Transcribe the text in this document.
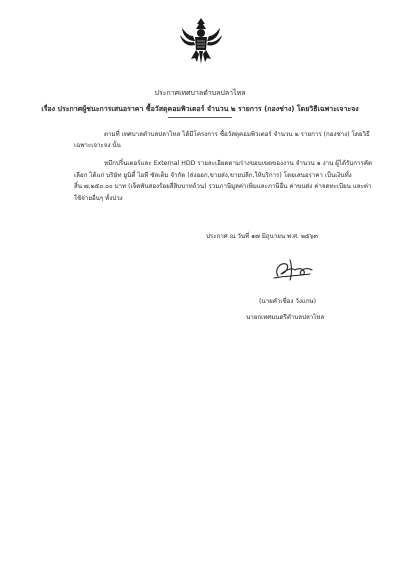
ประกาศเทศบาลตำบลปลาไหล
เรื่อง ประกาศผู้ชนะการเสนอราคา ซื้อวัสดุคอมพิวเตอร์ จำนวน ๒ รายการ (กองช่าง) โดยวิธีเฉพาะเจาะจง
ตามที่ เทศบาลตำบลปลาไหล ได้มีโครงการ ซื้อวัสดุคอมพิวเตอร์ จำนวน ๒ รายการ (กองช่าง) โดยวิธี
เฉพาะเจาะจง นั้น
หมึกปริ้นเตอร์และ External HDD รายละเอียดตามร่างขอบเขตของงาน จำนวน ๑ งาน ผู้ได้รับการคัด
เลือก ได้แก่ บริษัท ยูนิตี้ ไอที ซัลเต็ม จำกัด (ส่งออก,ขายส่ง,ขายปลีก,ให้บริการ) โดยเสนอราคา เป็นเงินทั้ง
สิ้น ๗,๒๕๐.๐๐ บาท (เจ็ดพันสองร้อยสี่สิบบาทถ้วน) รวมภาษีมูลค่าเพิ่มและภาษีอื่น ค่าขนส่ง ค่าจดทะเบียน และค่า
ใช้จ่ายอื่นๆ ทั้งปวง
ประกาศ ณ วันที่ ๑๗ มิถุนายน พ.ศ. ๒๕๖๓
(นายคำเชื่อง วังแกษ)
นายกเทศมนตรีตำบลปลาไหล
